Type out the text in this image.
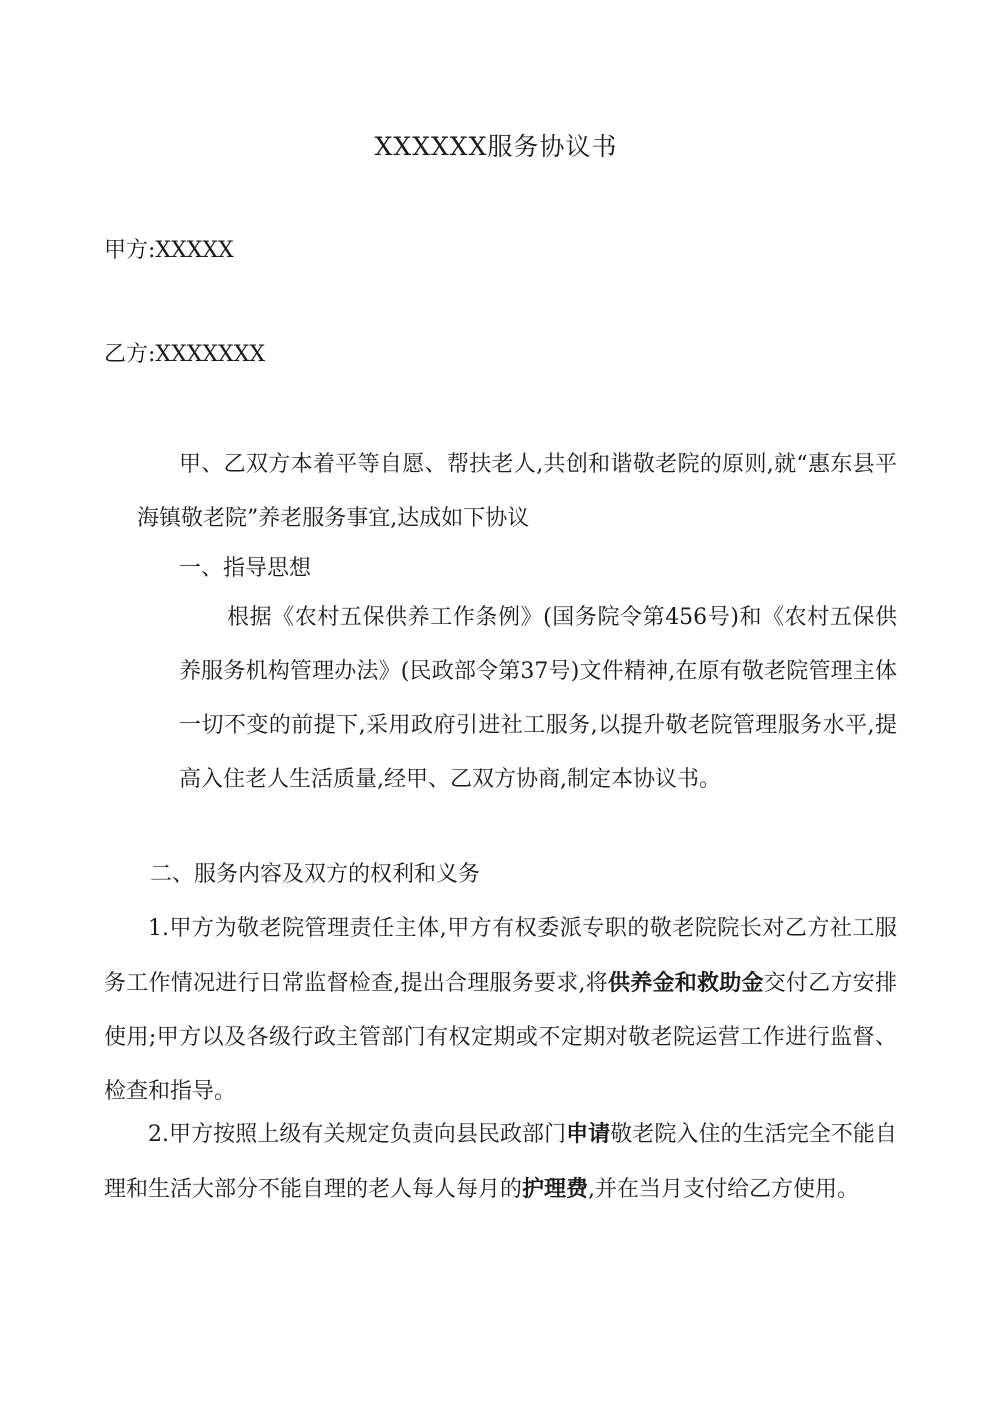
XXXXXX服务协议书
甲方:XXXXX
乙方:XXXXXXX

甲、乙双方本着平等自愿、帮扶老人,共创和谐敬老院的原则,就“惠东县平海镇敬老院”养老服务事宜,达成如下协议

一、指导思想

根据《农村五保供养工作条例》(国务院令第456号)和《农村五保供养服务机构管理办法》(民政部令第37号)文件精神,在原有敬老院管理主体一切不变的前提下,采用政府引进社工服务,以提升敬老院管理服务水平,提高入住老人生活质量,经甲、乙双方协商,制定本协议书。

二、服务内容及双方的权利和义务

1.甲方为敬老院管理责任主体,甲方有权委派专职的敬老院院长对乙方社工服务工作情况进行日常监督检查,提出合理服务要求,将供养金和救助金交付乙方安排使用;甲方以及各级行政主管部门有权定期或不定期对敬老院运营工作进行监督、检查和指导。

2.甲方按照上级有关规定负责向县民政部门申请敬老院入住的生活完全不能自理和生活大部分不能自理的老人每人每月的护理费,并在当月支付给乙方使用。
